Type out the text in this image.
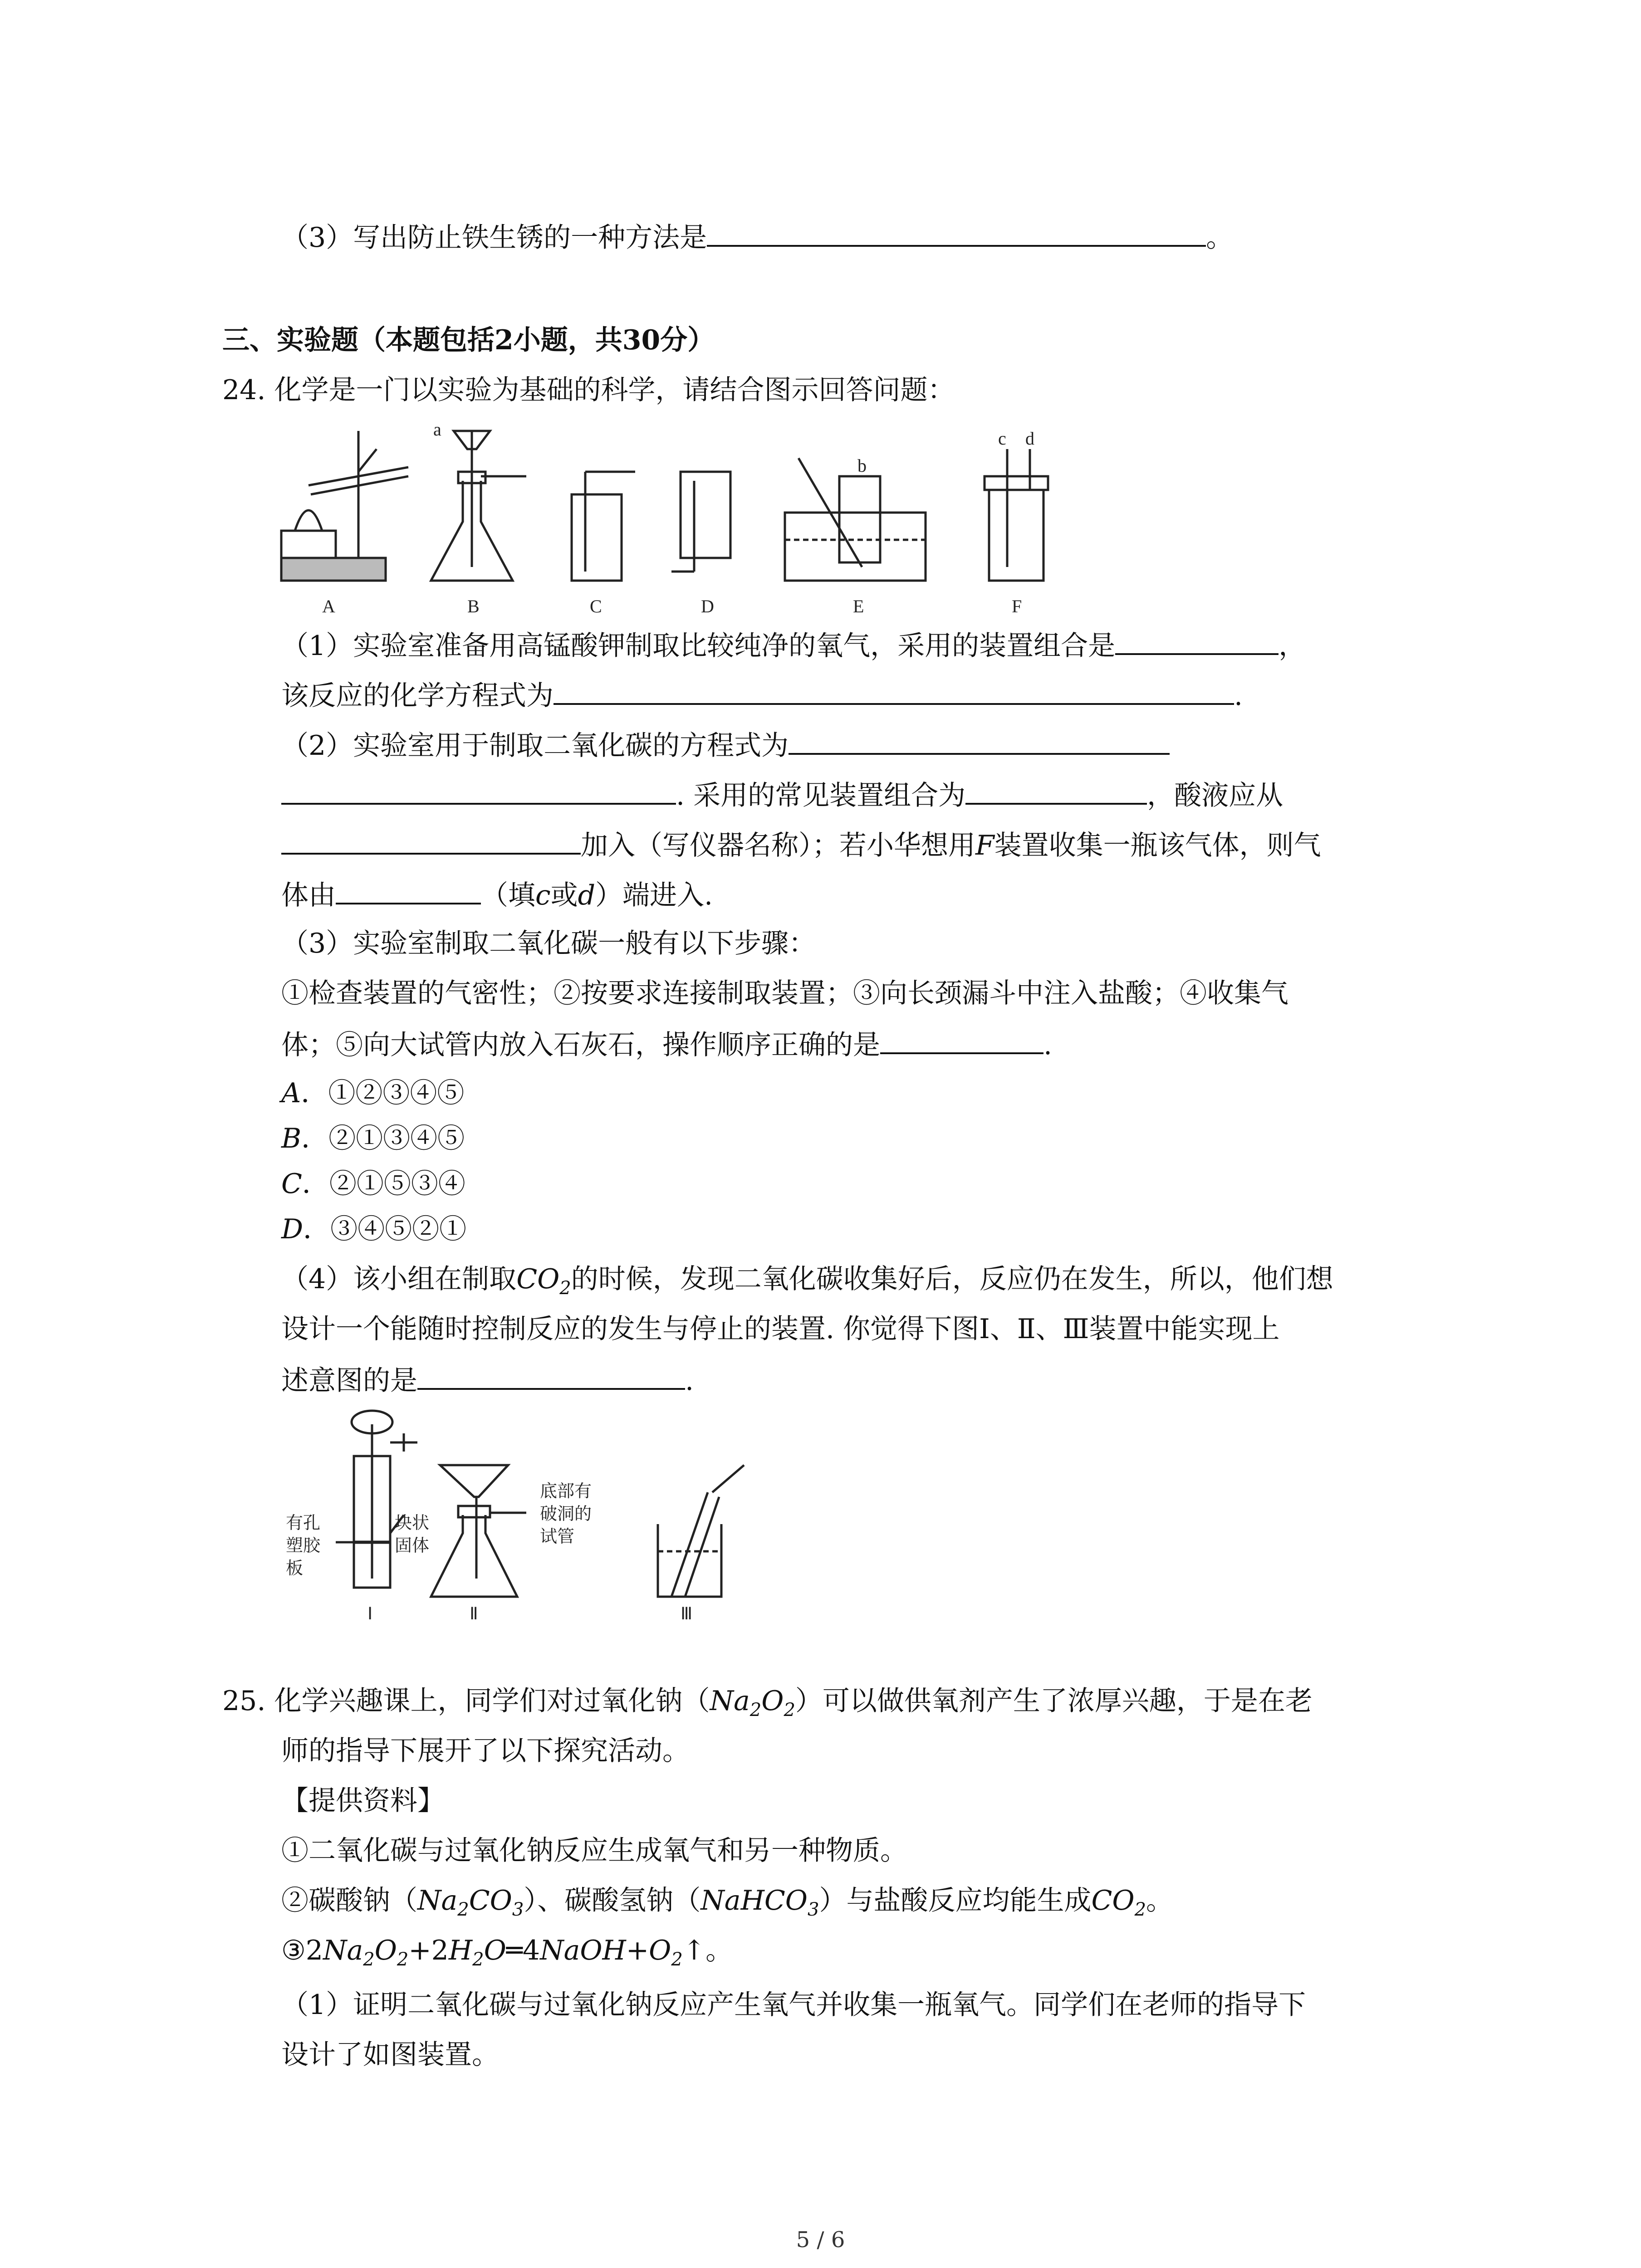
（3）写出防止铁生锈的一种方法是	。
三、实验题（本题包括2小题，共30分）
24. 化学是一门以实验为基础的科学，请结合图示回答问题：
A	B	C	D	E	F
a
b
c d
（1）实验室准备用高锰酸钾制取比较纯净的氧气，采用的装置组合是	，
该反应的化学方程式为	.
（2）实验室用于制取二氧化碳的方程式为
. 采用的常见装置组合为	，酸液应从
加入（写仪器名称）；若小华想用F装置收集一瓶该气体，则气
体由	（填c或d）端进入.
（3）实验室制取二氧化碳一般有以下步骤：
①检查装置的气密性；②按要求连接制取装置；③向长颈漏斗中注入盐酸；④收集气
体；⑤向大试管内放入石灰石，操作顺序正确的是	.
A．①②③④⑤
B．②①③④⑤
C．②①⑤③④
D．③④⑤②①
（4）该小组在制取$CO_2$的时候，发现二氧化碳收集好后，反应仍在发生，所以，他们想
设计一个能随时控制反应的发生与停止的装置. 你觉得下图Ⅰ、Ⅱ、Ⅲ装置中能实现上
述意图的是	.
有孔
塑胶
板
块状
固体
底部有
破洞的
试管
Ⅰ	Ⅱ	Ⅲ
25. 化学兴趣课上，同学们对过氧化钠$(Na_2O_2)$可以做供氧剂产生了浓厚兴趣，于是在老
师的指导下展开了以下探究活动。
【提供资料】
①二氧化碳与过氧化钠反应生成氧气和另一种物质。
②碳酸钠$(Na_2CO_3)$、碳酸氢钠（NaHCO$_3$）与盐酸反应均能生成$CO_2$。
$③2Na_2O_2+2H_2O═4NaOH+O_2↑$。
（1）证明二氧化碳与过氧化钠反应产生氧气并收集一瓶氧气。同学们在老师的指导下
设计了如图装置。
5 / 6
